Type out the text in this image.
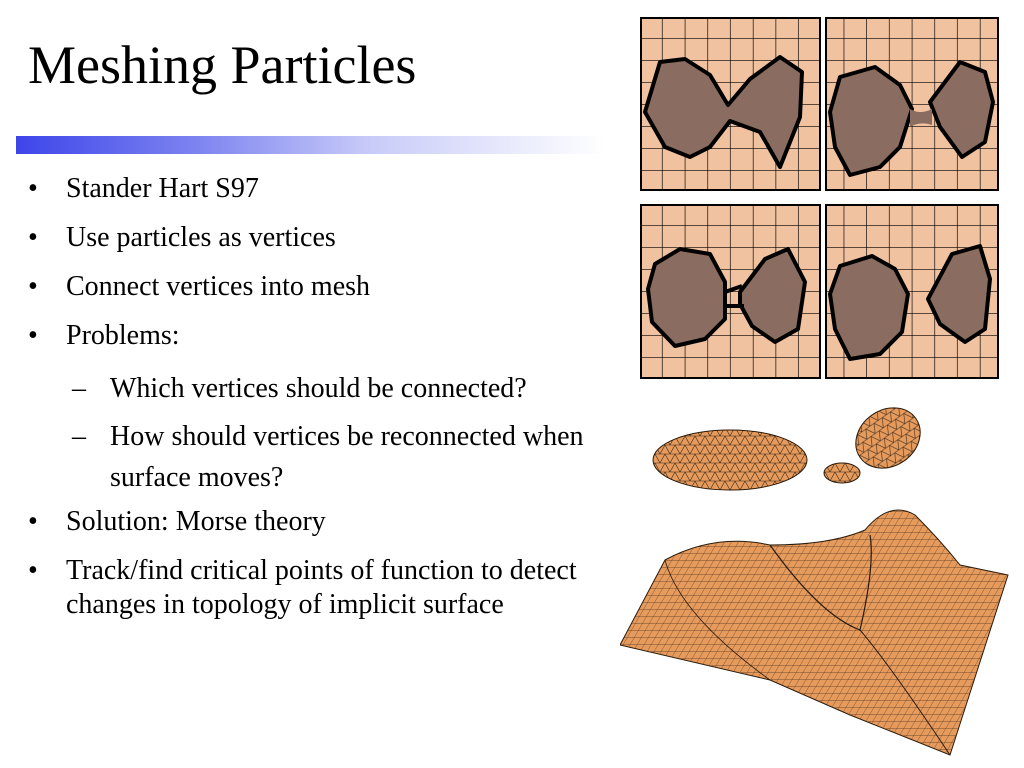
Meshing Particles
•	Stander Hart S97
•	Use particles as vertices
•	Connect vertices into mesh
•	Problems:
– Which vertices should be connected?
– How should vertices be reconnected when surface moves?
•	Solution: Morse theory
•	Track/find critical points of function to detect changes in topology of implicit surface
